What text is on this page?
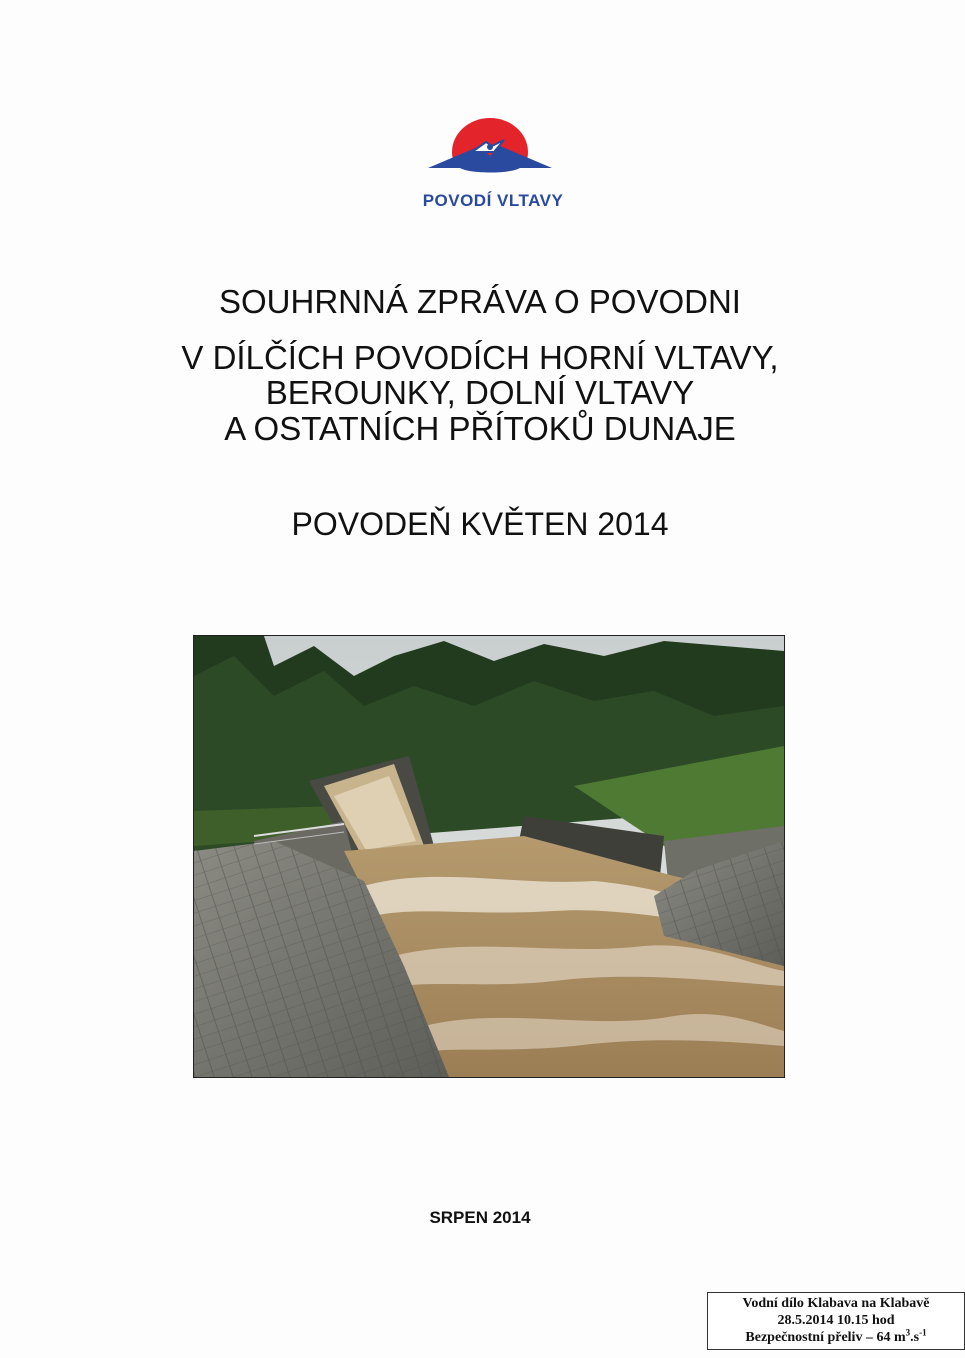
POVODÍ VLTAVY
SOUHRNNÁ ZPRÁVA O POVODNI
V DÍLČÍCH POVODÍCH HORNÍ VLTAVY,
BEROUNKY, DOLNÍ VLTAVY
A OSTATNÍCH PŘÍTOKŮ DUNAJE
POVODEŇ KVĚTEN 2014
Vodní dílo Klabava na Klabavě
28.5.2014 10.15 hod
Bezpečnostní přeliv – 64 $m^3.s^{-1}$
SRPEN 2014
